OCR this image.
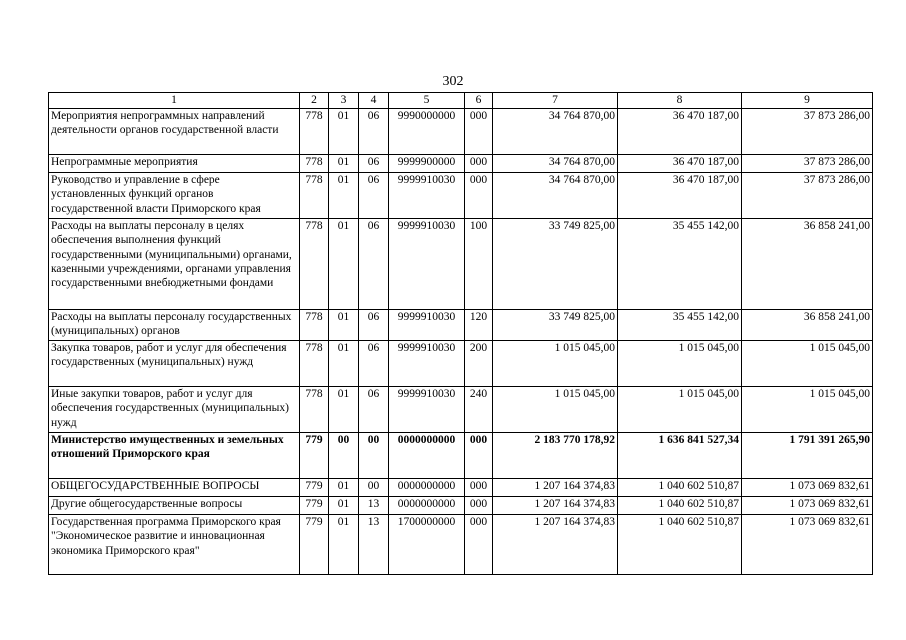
302
1	2	3	4	5	6	7	8	9
Мероприятия непрограммных направлений деятельности органов государственной власти	778	01	06	9990000000	000	34 764 870,00	36 470 187,00	37 873 286,00
Непрограммные мероприятия	778	01	06	9999900000	000	34 764 870,00	36 470 187,00	37 873 286,00
Руководство и управление в сфере установленных функций органов государственной власти Приморского края	778	01	06	9999910030	000	34 764 870,00	36 470 187,00	37 873 286,00
Расходы на выплаты персоналу в целях обеспечения выполнения функций государственными (муниципальными) органами, казенными учреждениями, органами управления государственными внебюджетными фондами	778	01	06	9999910030	100	33 749 825,00	35 455 142,00	36 858 241,00
Расходы на выплаты персоналу государственных (муниципальных) органов	778	01	06	9999910030	120	33 749 825,00	35 455 142,00	36 858 241,00
Закупка товаров, работ и услуг для обеспечения государственных (муниципальных) нужд	778	01	06	9999910030	200	1 015 045,00	1 015 045,00	1 015 045,00
Иные закупки товаров, работ и услуг для обеспечения государственных (муниципальных) нужд	778	01	06	9999910030	240	1 015 045,00	1 015 045,00	1 015 045,00
Министерство имущественных и земельных отношений Приморского края	779	00	00	0000000000	000	2 183 770 178,92	1 636 841 527,34	1 791 391 265,90
ОБЩЕГОСУДАРСТВЕННЫЕ ВОПРОСЫ	779	01	00	0000000000	000	1 207 164 374,83	1 040 602 510,87	1 073 069 832,61
Другие общегосударственные вопросы	779	01	13	0000000000	000	1 207 164 374,83	1 040 602 510,87	1 073 069 832,61
Государственная программа Приморского края "Экономическое развитие и инновационная экономика Приморского края"	779	01	13	1700000000	000	1 207 164 374,83	1 040 602 510,87	1 073 069 832,61
